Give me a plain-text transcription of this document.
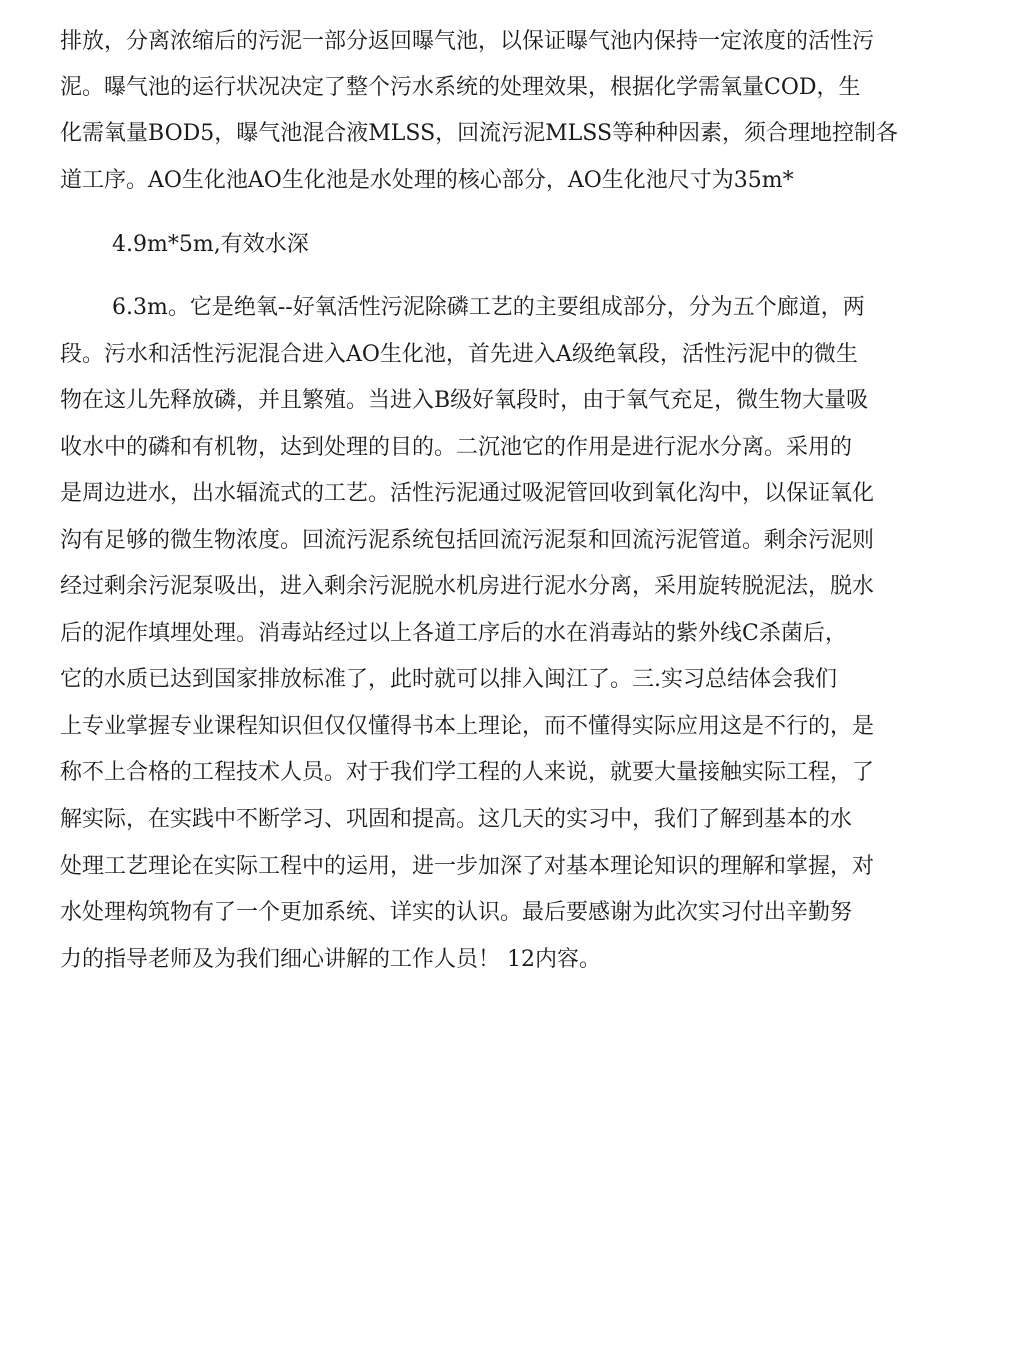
排放，分离浓缩后的污泥一部分返回曝气池，以保证曝气池内保持一定浓度的活性污

泥。曝气池的运行状况决定了整个污水系统的处理效果，根据化学需氧量COD，生

化需氧量BOD5，曝气池混合液MLSS，回流污泥MLSS等种种因素，须合理地控制各

道工序。AO生化池AO生化池是水处理的核心部分，AO生化池尺寸为35m*

4.9m*5m,有效水深

6.3m。它是绝氧--好氧活性污泥除磷工艺的主要组成部分，分为五个廊道，两

段。污水和活性污泥混合进入AO生化池，首先进入A级绝氧段，活性污泥中的微生

物在这儿先释放磷，并且繁殖。当进入B级好氧段时，由于氧气充足，微生物大量吸

收水中的磷和有机物，达到处理的目的。二沉池它的作用是进行泥水分离。采用的

是周边进水，出水辐流式的工艺。活性污泥通过吸泥管回收到氧化沟中，以保证氧化

沟有足够的微生物浓度。回流污泥系统包括回流污泥泵和回流污泥管道。剩余污泥则

经过剩余污泥泵吸出，进入剩余污泥脱水机房进行泥水分离，采用旋转脱泥法，脱水

后的泥作填埋处理。消毒站经过以上各道工序后的水在消毒站的紫外线C杀菌后，

它的水质已达到国家排放标准了，此时就可以排入闽江了。三.实习总结体会我们

上专业掌握专业课程知识但仅仅懂得书本上理论，而不懂得实际应用这是不行的，是

称不上合格的工程技术人员。对于我们学工程的人来说，就要大量接触实际工程，了

解实际，在实践中不断学习、巩固和提高。这几天的实习中，我们了解到基本的水

处理工艺理论在实际工程中的运用，进一步加深了对基本理论知识的理解和掌握，对

水处理构筑物有了一个更加系统、详实的认识。最后要感谢为此次实习付出辛勤努

力的指导老师及为我们细心讲解的工作人员！ 12内容。
